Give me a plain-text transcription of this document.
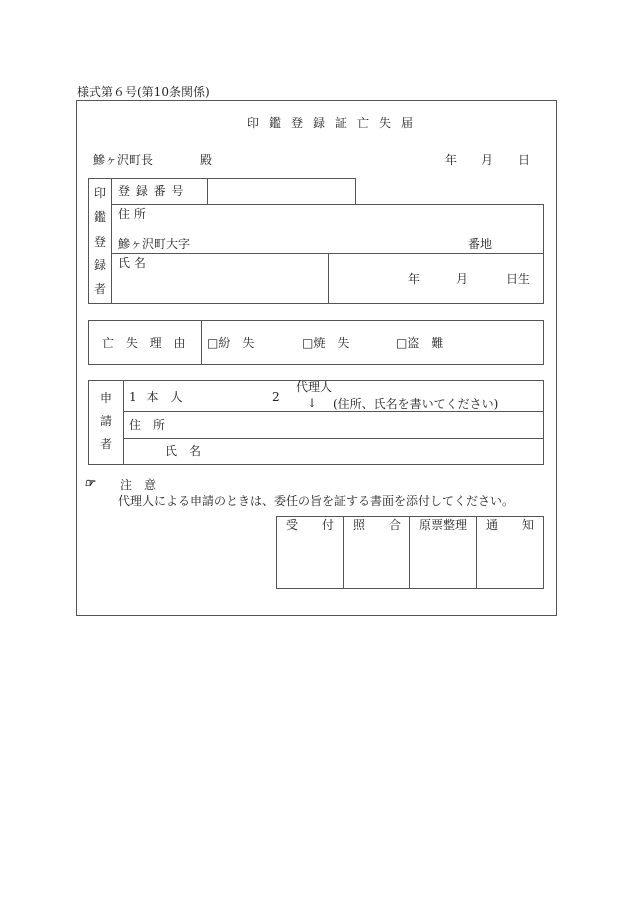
様式第６号(第10条関係)
印鑑登録証亡失届
鰺ヶ沢町長	殿	年 月 日
印
鑑
登
録
者
登 録 番 号
住 所
鰺ヶ沢町大字	番地
氏 名
年	月	日生
亡 失 理 由 □紛　失	□焼　失	□盗　難
申
請
者
1 本　人	2
代理人
↓ (住所、氏名を書いてください)
住　所
氏　名
☞ 注　意
代理人による申請のときは、委任の旨を証する書面を添付してください。
受　　付 照　　合 原票整理 通　　知
